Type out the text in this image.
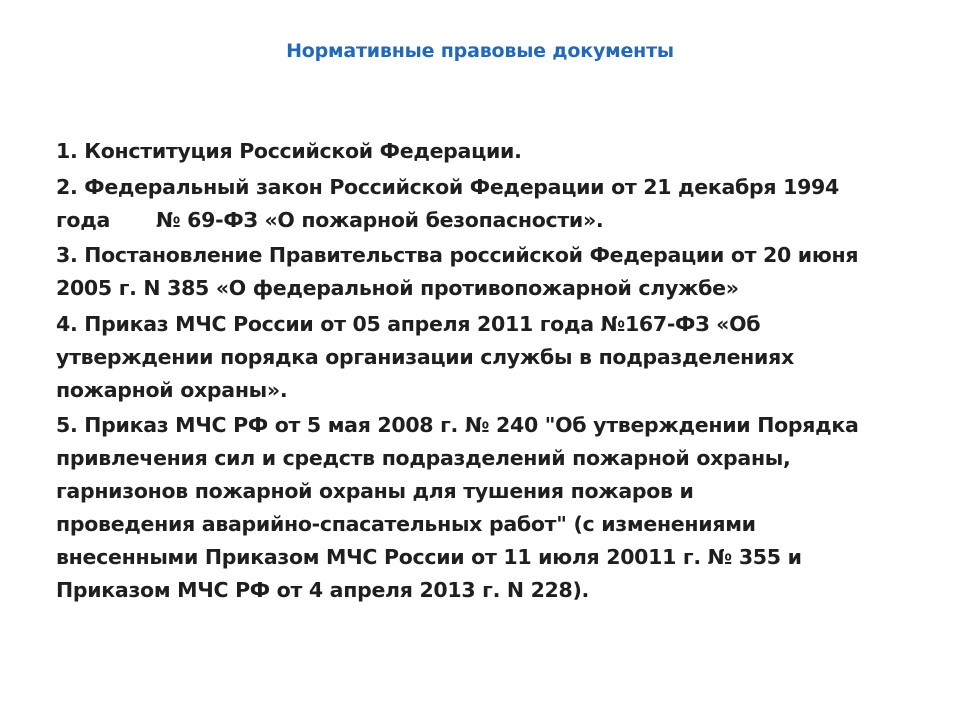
Нормативные правовые документы
1. Конституция Российской Федерации.
2. Федеральный закон Российской Федерации от 21 декабря 1994
года № 69-ФЗ «О пожарной безопасности».
3. Постановление Правительства российской Федерации от 20 июня
2005 г. N 385 «О федеральной противопожарной службе»
4. Приказ МЧС России от 05 апреля 2011 года №167-ФЗ «Об
утверждении порядка организации службы в подразделениях
пожарной охраны».
5. Приказ МЧС РФ от 5 мая 2008 г. № 240 "Об утверждении Порядка
привлечения сил и средств подразделений пожарной охраны,
гарнизонов пожарной охраны для тушения пожаров и
проведения аварийно-спасательных работ" (с изменениями
внесенными Приказом МЧС России от 11 июля 20011 г. № 355 и
Приказом МЧС РФ от 4 апреля 2013 г. N 228).
